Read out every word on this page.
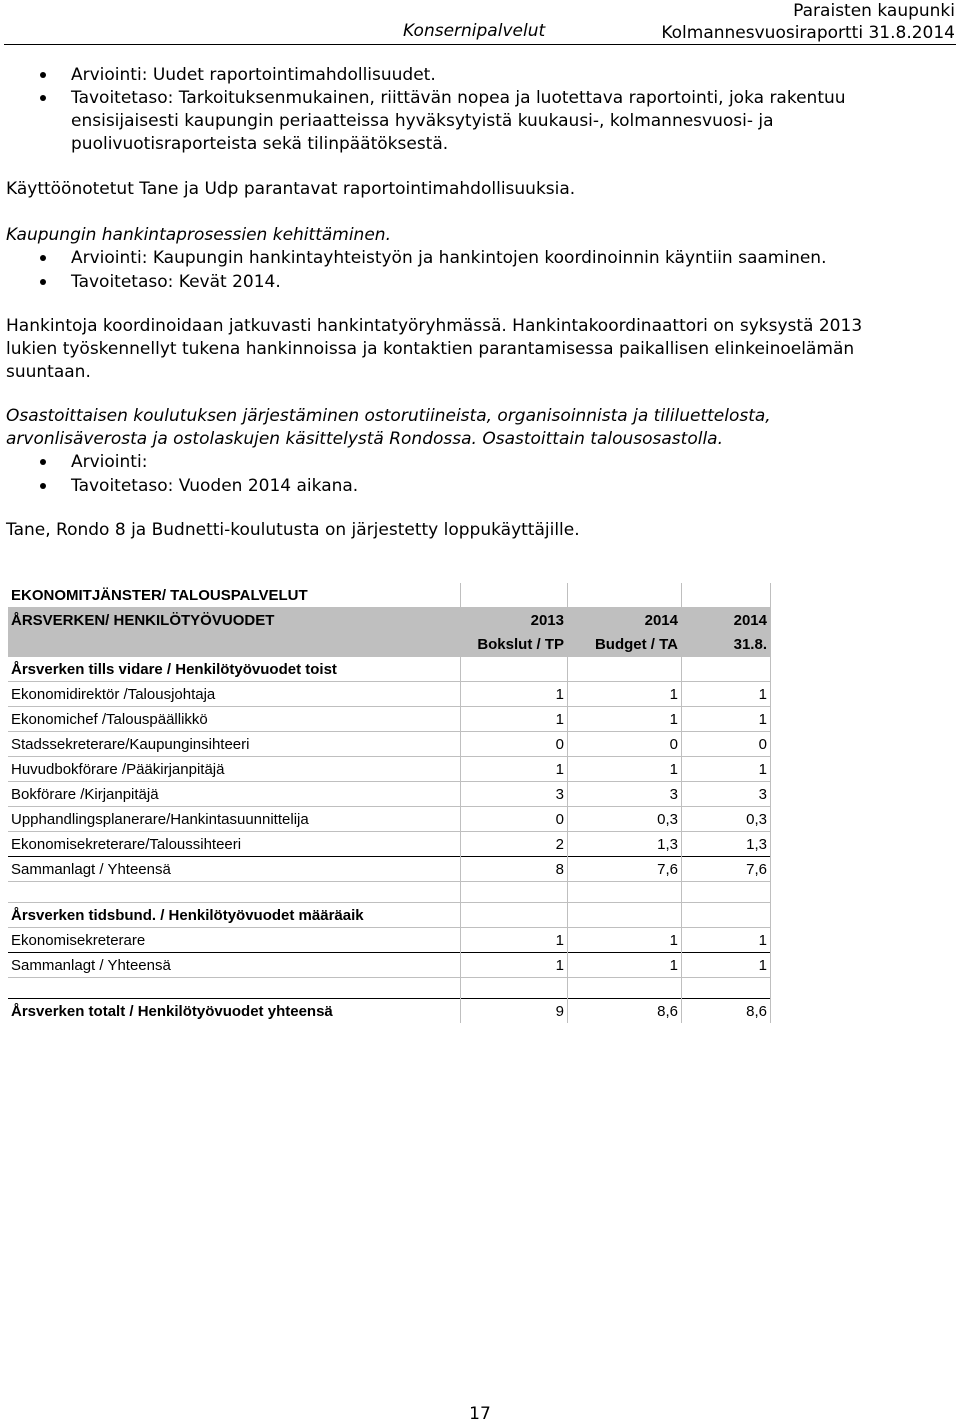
Paraisten kaupunki
Kolmannesvuosiraportti 31.8.2014
Konsernipalvelut
Arviointi: Uudet raportointimahdollisuudet.
Tavoitetaso: Tarkoituksenmukainen, riittävän nopea ja luotettava raportointi, joka rakentuu
ensisijaisesti kaupungin periaatteissa hyväksytyistä kuukausi-, kolmannesvuosi- ja
puolivuotisraporteista sekä tilinpäätöksestä.
Käyttöönotetut Tane ja Udp parantavat raportointimahdollisuuksia.
Kaupungin hankintaprosessien kehittäminen.
Arviointi: Kaupungin hankintayhteistyön ja hankintojen koordinoinnin käyntiin saaminen.
Tavoitetaso: Kevät 2014.
Hankintoja koordinoidaan jatkuvasti hankintatyöryhmässä. Hankintakoordinaattori on syksystä 2013
lukien työskennellyt tukena hankinnoissa ja kontaktien parantamisessa paikallisen elinkeinoelämän
suuntaan.
Osastoittaisen koulutuksen järjestäminen ostorutiineista, organisoinnista ja tililuettelosta,
arvonlisäverosta ja ostolaskujen käsittelystä Rondossa. Osastoittain talousosastolla.
Arviointi:
Tavoitetaso: Vuoden 2014 aikana.
Tane, Rondo 8 ja Budnetti-koulutusta on järjestetty loppukäyttäjille.
EKONOMITJÄNSTER/ TALOUSPALVELUT			
ÅRSVERKEN/ HENKILÖTYÖVUODET	2013	2014	2014
	Bokslut / TP	Budget / TA	31.8.
Årsverken tills vidare / Henkilötyövuodet toist			
Ekonomidirektör /Talousjohtaja	1	1	1
Ekonomichef /Talouspäällikkö	1	1	1
Stadssekreterare/Kaupunginsihteeri	0	0	0
Huvudbokförare /Pääkirjanpitäjä	1	1	1
Bokförare /Kirjanpitäjä	3	3	3
Upphandlingsplanerare/Hankintasuunnittelija	0	0,3	0,3
Ekonomisekreterare/Taloussihteeri	2	1,3	1,3
Sammanlagt / Yhteensä	8	7,6	7,6

Årsverken tidsbund. / Henkilötyövuodet määräaik			
Ekonomisekreterare	1	1	1
Sammanlagt / Yhteensä	1	1	1

Årsverken totalt / Henkilötyövuodet yhteensä	9	8,6	8,6
17
